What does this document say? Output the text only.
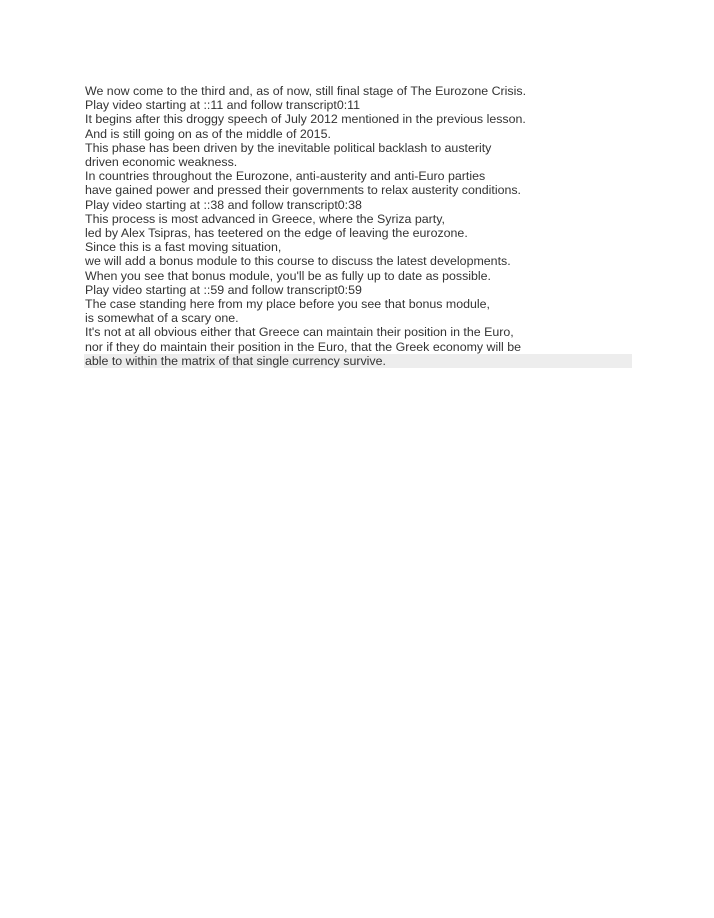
We now come to the third and, as of now, still final stage of The Eurozone Crisis.
Play video starting at ::11 and follow transcript0:11
It begins after this droggy speech of July 2012 mentioned in the previous lesson.
And is still going on as of the middle of 2015.
This phase has been driven by the inevitable political backlash to austerity
driven economic weakness.
In countries throughout the Eurozone, anti-austerity and anti-Euro parties
have gained power and pressed their governments to relax austerity conditions.
Play video starting at ::38 and follow transcript0:38
This process is most advanced in Greece, where the Syriza party,
led by Alex Tsipras, has teetered on the edge of leaving the eurozone.
Since this is a fast moving situation,
we will add a bonus module to this course to discuss the latest developments.
When you see that bonus module, you'll be as fully up to date as possible.
Play video starting at ::59 and follow transcript0:59
The case standing here from my place before you see that bonus module,
is somewhat of a scary one.
It's not at all obvious either that Greece can maintain their position in the Euro,
nor if they do maintain their position in the Euro, that the Greek economy will be
able to within the matrix of that single currency survive.
